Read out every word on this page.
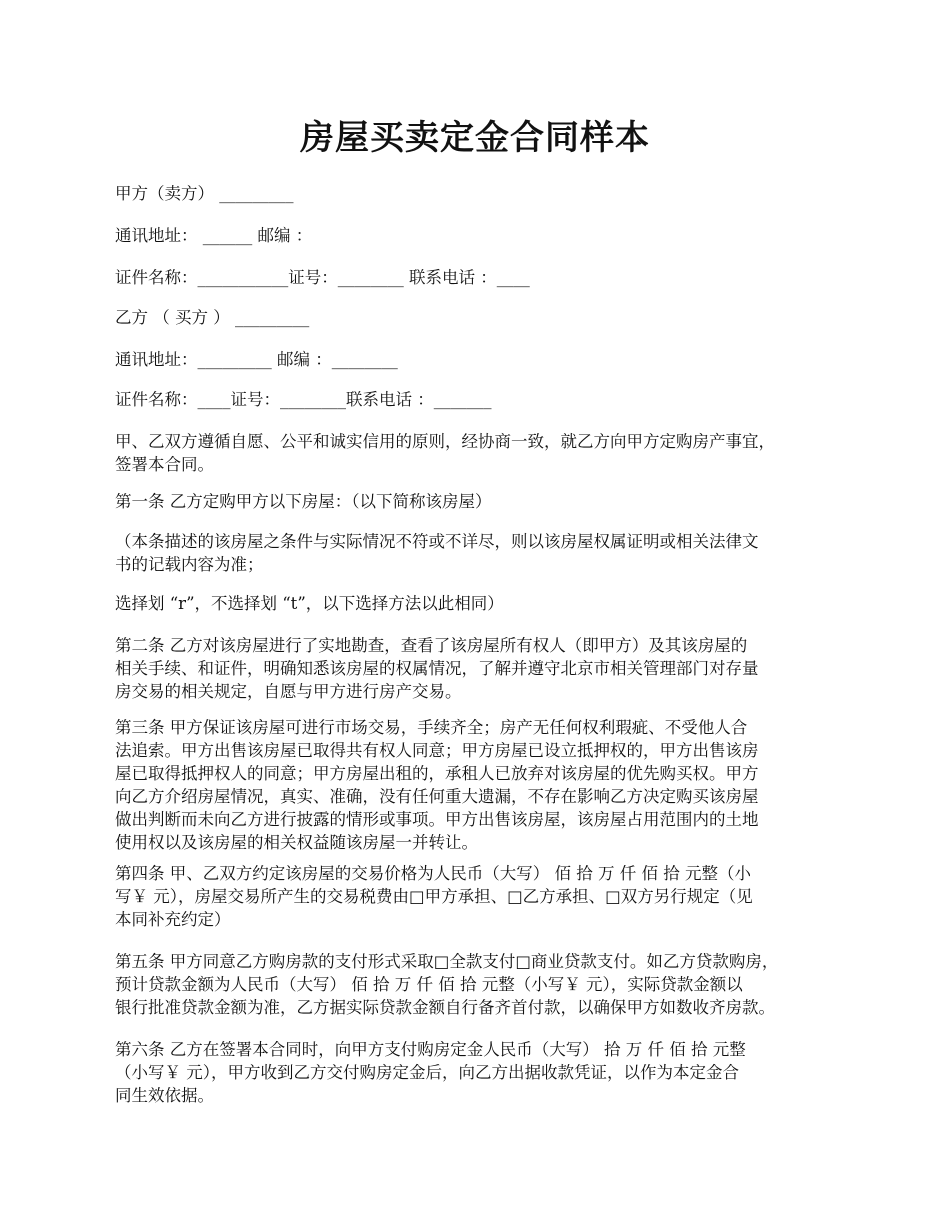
房屋买卖定金合同样本

甲方（卖方） _________

通讯地址： ______ 邮编 ：

证件名称：___________证号：________ 联系电话 ：____

乙方 （ 买方 ） _________

通讯地址：_________ 邮编 ：________

证件名称：____证号：________联系电话 ：_______

甲、乙双方遵循自愿、公平和诚实信用的原则，经协商一致，就乙方向甲方定购房产事宜，
签署本合同。

第一条 乙方定购甲方以下房屋：（以下简称该房屋）

（本条描述的该房屋之条件与实际情况不符或不详尽，则以该房屋权属证明或相关法律文
书的记载内容为准；

选择划 “r”，不选择划 “t”，以下选择方法以此相同）

第二条 乙方对该房屋进行了实地勘查，查看了该房屋所有权人（即甲方）及其该房屋的
相关手续、和证件，明确知悉该房屋的权属情况，了解并遵守北京市相关管理部门对存量
房交易的相关规定，自愿与甲方进行房产交易。
第三条 甲方保证该房屋可进行市场交易，手续齐全；房产无任何权利瑕疵、不受他人合
法追索。甲方出售该房屋已取得共有权人同意；甲方房屋已设立抵押权的，甲方出售该房
屋已取得抵押权人的同意；甲方房屋出租的，承租人已放弃对该房屋的优先购买权。甲方
向乙方介绍房屋情况，真实、准确，没有任何重大遗漏，不存在影响乙方决定购买该房屋
做出判断而未向乙方进行披露的情形或事项。甲方出售该房屋，该房屋占用范围内的土地
使用权以及该房屋的相关权益随该房屋一并转让。
第四条 甲、乙双方约定该房屋的交易价格为人民币（大写） 佰 拾 万 仟 佰 拾 元整（小
写￥ 元），房屋交易所产生的交易税费由□甲方承担、□乙方承担、□双方另行规定（见
本同补充约定）
第五条 甲方同意乙方购房款的支付形式采取□全款支付□商业贷款支付。如乙方贷款购房，
预计贷款金额为人民币（大写） 佰 拾 万 仟 佰 拾 元整（小写￥ 元），实际贷款金额以
银行批准贷款金额为准，乙方据实际贷款金额自行备齐首付款，以确保甲方如数收齐房款。
第六条 乙方在签署本合同时，向甲方支付购房定金人民币（大写） 拾 万 仟 佰 拾 元整
（小写￥ 元），甲方收到乙方交付购房定金后，向乙方出据收款凭证，以作为本定金合
同生效依据。
